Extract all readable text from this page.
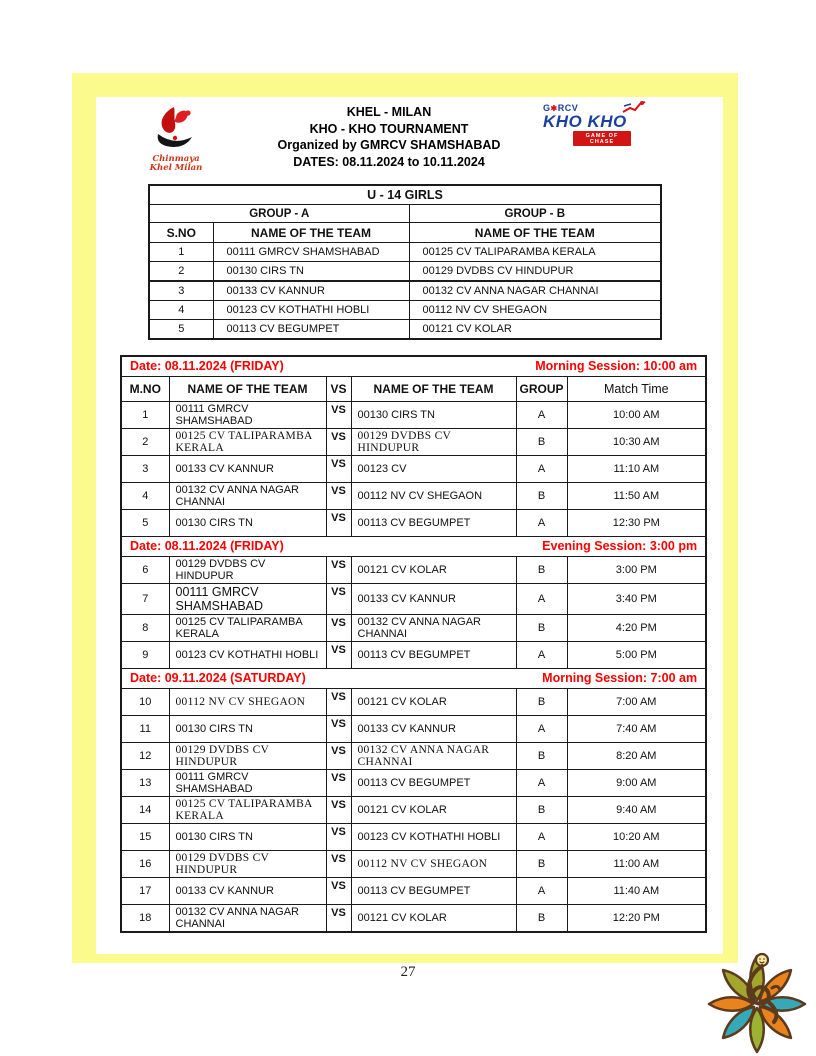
Chinmaya
Khel Milan
KHEL - MILAN
KHO - KHO TOURNAMENT
Organized by GMRCV SHAMSHABAD
DATES: 08.11.2024 to 10.11.2024
G✱RCV
KHO KHO
GAME OF CHASE
U - 14 GIRLS		
GROUP - A		GROUP - B
S.NO	NAME OF THE TEAM	NAME OF THE TEAM
1	00111 GMRCV SHAMSHABAD	00125 CV TALIPARAMBA KERALA
2	00130 CIRS TN	00129 DVDBS CV HINDUPUR
3	00133 CV KANNUR	00132 CV ANNA NAGAR CHANNAI
4	00123 CV KOTHATHI HOBLI	00112 NV CV SHEGAON
5	00113 CV BEGUMPET	00121 CV KOLAR
Date: 08.11.2024 (FRIDAY) Morning Session: 10:00 am					

M.NO	NAME OF THE TEAM	VS	NAME OF THE TEAM	GROUP	Match Time
1	00111 GMRCV SHAMSHABAD	VS	00130 CIRS TN	A	10:00 AM
2	00125 CV TALIPARAMBA KERALA	VS	00129 DVDBS CV HINDUPUR	B	10:30 AM
3	00133 CV KANNUR	VS	00123 CV	A	11:10 AM
4	00132 CV ANNA NAGAR CHANNAI	VS	00112 NV CV SHEGAON	B	11:50 AM
5	00130 CIRS TN	VS	00113 CV BEGUMPET	A	12:30 PM

Date: 08.11.2024 (FRIDAY) Evening Session: 3:00 pm					

6	00129 DVDBS CV HINDUPUR	VS	00121 CV KOLAR	B	3:00 PM
7	00111 GMRCV SHAMSHABAD	VS	00133 CV KANNUR	A	3:40 PM
8	00125 CV TALIPARAMBA KERALA	VS	00132 CV ANNA NAGAR CHANNAI	B	4:20 PM
9	00123 CV KOTHATHI HOBLI	VS	00113 CV BEGUMPET	A	5:00 PM

Date: 09.11.2024 (SATURDAY) Morning Session: 7:00 am					

10	00112 NV CV SHEGAON	VS	00121 CV KOLAR	B	7:00 AM
11	00130 CIRS TN	VS	00133 CV KANNUR	A	7:40 AM
12	00129 DVDBS CV HINDUPUR	VS	00132 CV ANNA NAGAR CHANNAI	B	8:20 AM
13	00111 GMRCV SHAMSHABAD	VS	00113 CV BEGUMPET	A	9:00 AM
14	00125 CV TALIPARAMBA KERALA	VS	00121 CV KOLAR	B	9:40 AM
15	00130 CIRS TN	VS	00123 CV KOTHATHI HOBLI	A	10:20 AM
16	00129 DVDBS CV HINDUPUR	VS	00112 NV CV SHEGAON	B	11:00 AM
17	00133 CV KANNUR	VS	00113 CV BEGUMPET	A	11:40 AM
18	00132 CV ANNA NAGAR CHANNAI	VS	00121 CV KOLAR	B	12:20 PM
27
